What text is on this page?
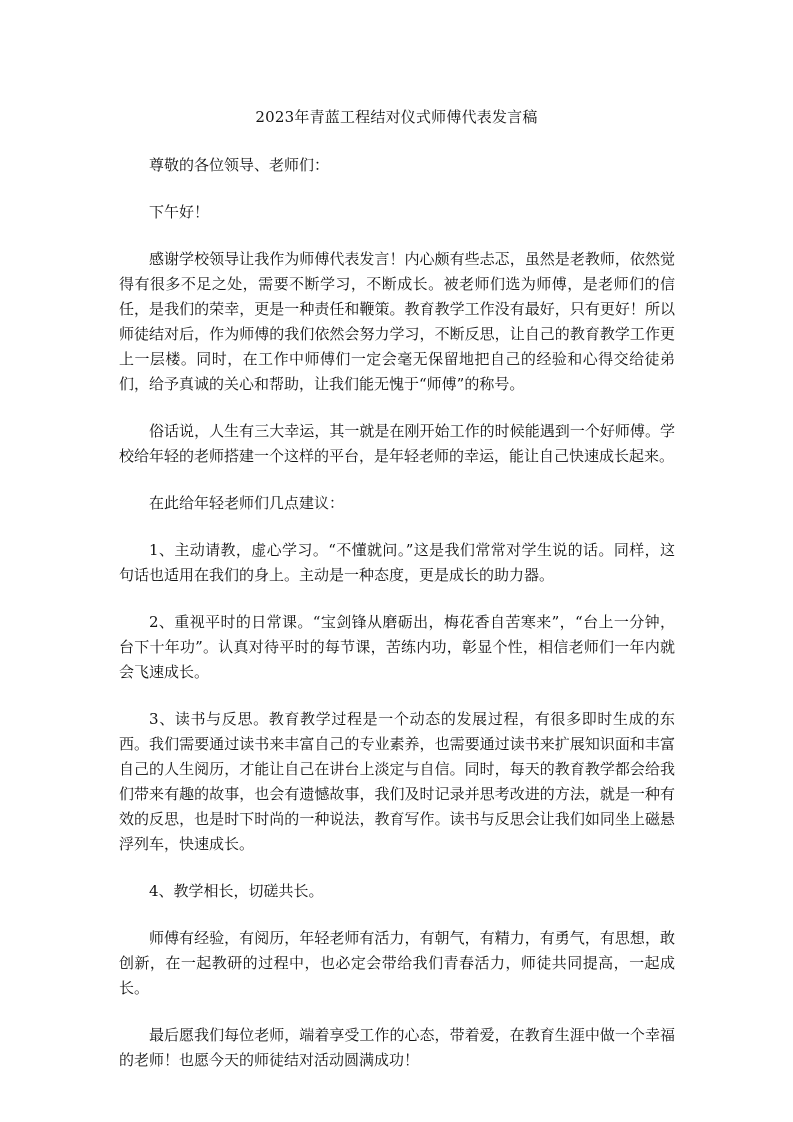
2023年青蓝工程结对仪式师傅代表发言稿

尊敬的各位领导、老师们：

下午好！

感谢学校领导让我作为师傅代表发言！内心颇有些忐忑，虽然是老教师，依然觉得有很多不足之处，需要不断学习，不断成长。被老师们选为师傅，是老师们的信任，是我们的荣幸，更是一种责任和鞭策。教育教学工作没有最好，只有更好！所以师徒结对后，作为师傅的我们依然会努力学习，不断反思，让自己的教育教学工作更上一层楼。同时，在工作中师傅们一定会毫无保留地把自己的经验和心得交给徒弟们，给予真诚的关心和帮助，让我们能无愧于“师傅”的称号。

俗话说，人生有三大幸运，其一就是在刚开始工作的时候能遇到一个好师傅。学校给年轻的老师搭建一个这样的平台，是年轻老师的幸运，能让自己快速成长起来。

在此给年轻老师们几点建议：

1、主动请教，虚心学习。“不懂就问。”这是我们常常对学生说的话。同样，这句话也适用在我们的身上。主动是一种态度，更是成长的助力器。

2、重视平时的日常课。“宝剑锋从磨砺出，梅花香自苦寒来”，“台上一分钟，台下十年功”。认真对待平时的每节课，苦练内功，彰显个性，相信老师们一年内就会飞速成长。

3、读书与反思。教育教学过程是一个动态的发展过程，有很多即时生成的东西。我们需要通过读书来丰富自己的专业素养，也需要通过读书来扩展知识面和丰富自己的人生阅历，才能让自己在讲台上淡定与自信。同时，每天的教育教学都会给我们带来有趣的故事，也会有遗憾故事，我们及时记录并思考改进的方法，就是一种有效的反思，也是时下时尚的一种说法，教育写作。读书与反思会让我们如同坐上磁悬浮列车，快速成长。

4、教学相长，切磋共长。

师傅有经验，有阅历，年轻老师有活力，有朝气，有精力，有勇气，有思想，敢创新，在一起教研的过程中，也必定会带给我们青春活力，师徒共同提高，一起成长。

最后愿我们每位老师，端着享受工作的心态，带着爱，在教育生涯中做一个幸福的老师！也愿今天的师徒结对活动圆满成功！
